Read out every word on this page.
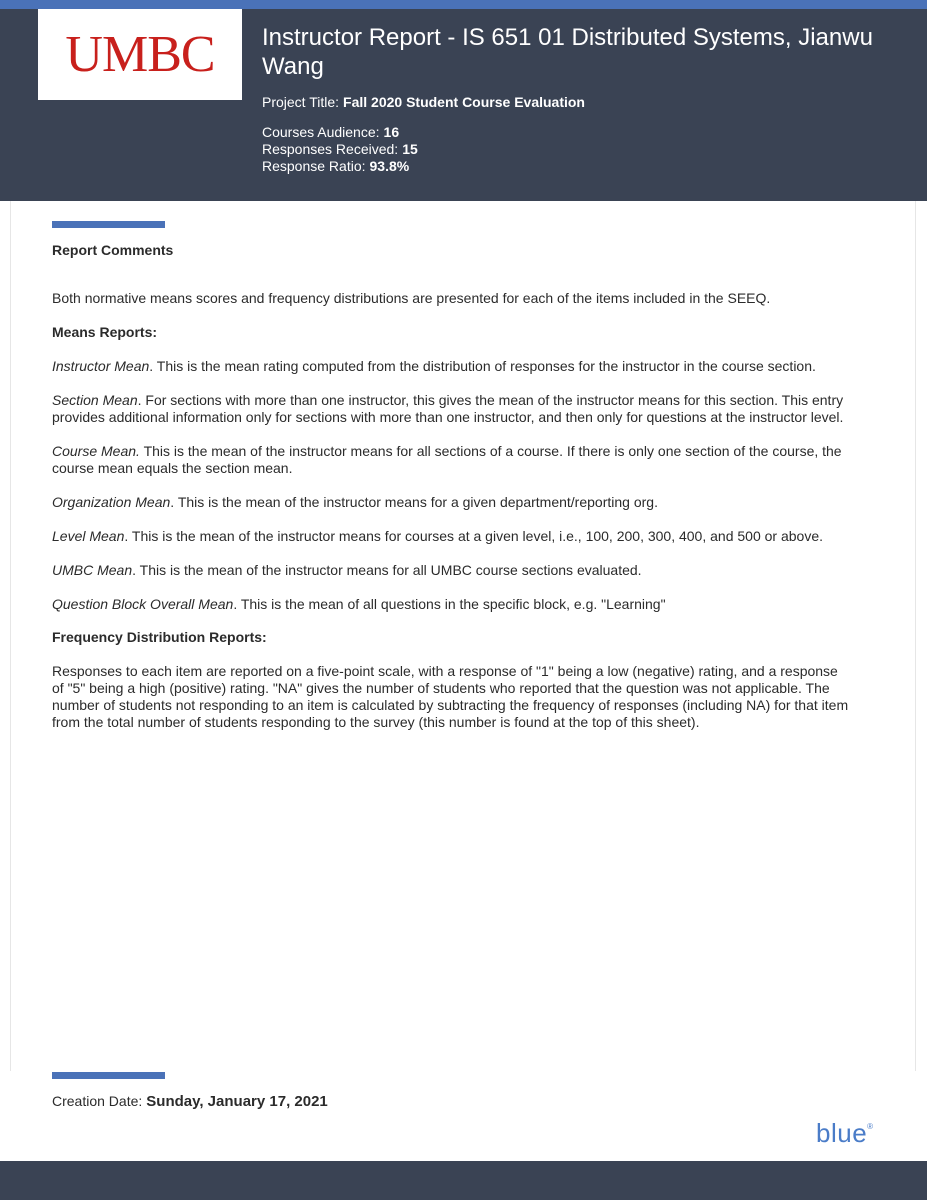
UMBC	Instructor Report - IS 651 01 Distributed Systems, Jianwu Wang
Project Title: Fall 2020 Student Course Evaluation
Courses Audience: 16
Responses Received: 15
Response Ratio: 93.8%
Report Comments

Both normative means scores and frequency distributions are presented for each of the items included in the SEEQ.

Means Reports:

Instructor Mean. This is the mean rating computed from the distribution of responses for the instructor in the course section.

Section Mean. For sections with more than one instructor, this gives the mean of the instructor means for this section. This entry provides additional information only for sections with more than one instructor, and then only for questions at the instructor level.

Course Mean. This is the mean of the instructor means for all sections of a course. If there is only one section of the course, the course mean equals the section mean.

Organization Mean. This is the mean of the instructor means for a given department/reporting org.

Level Mean. This is the mean of the instructor means for courses at a given level, i.e., 100, 200, 300, 400, and 500 or above.

UMBC Mean. This is the mean of the instructor means for all UMBC course sections evaluated.

Question Block Overall Mean. This is the mean of all questions in the specific block, e.g. "Learning"

Frequency Distribution Reports:

Responses to each item are reported on a five-point scale, with a response of "1" being a low (negative) rating, and a response of "5" being a high (positive) rating. "NA" gives the number of students who reported that the question was not applicable. The number of students not responding to an item is calculated by subtracting the frequency of responses (including NA) for that item from the total number of students responding to the survey (this number is found at the top of this sheet).

Creation Date: Sunday, January 17, 2021
blue®
